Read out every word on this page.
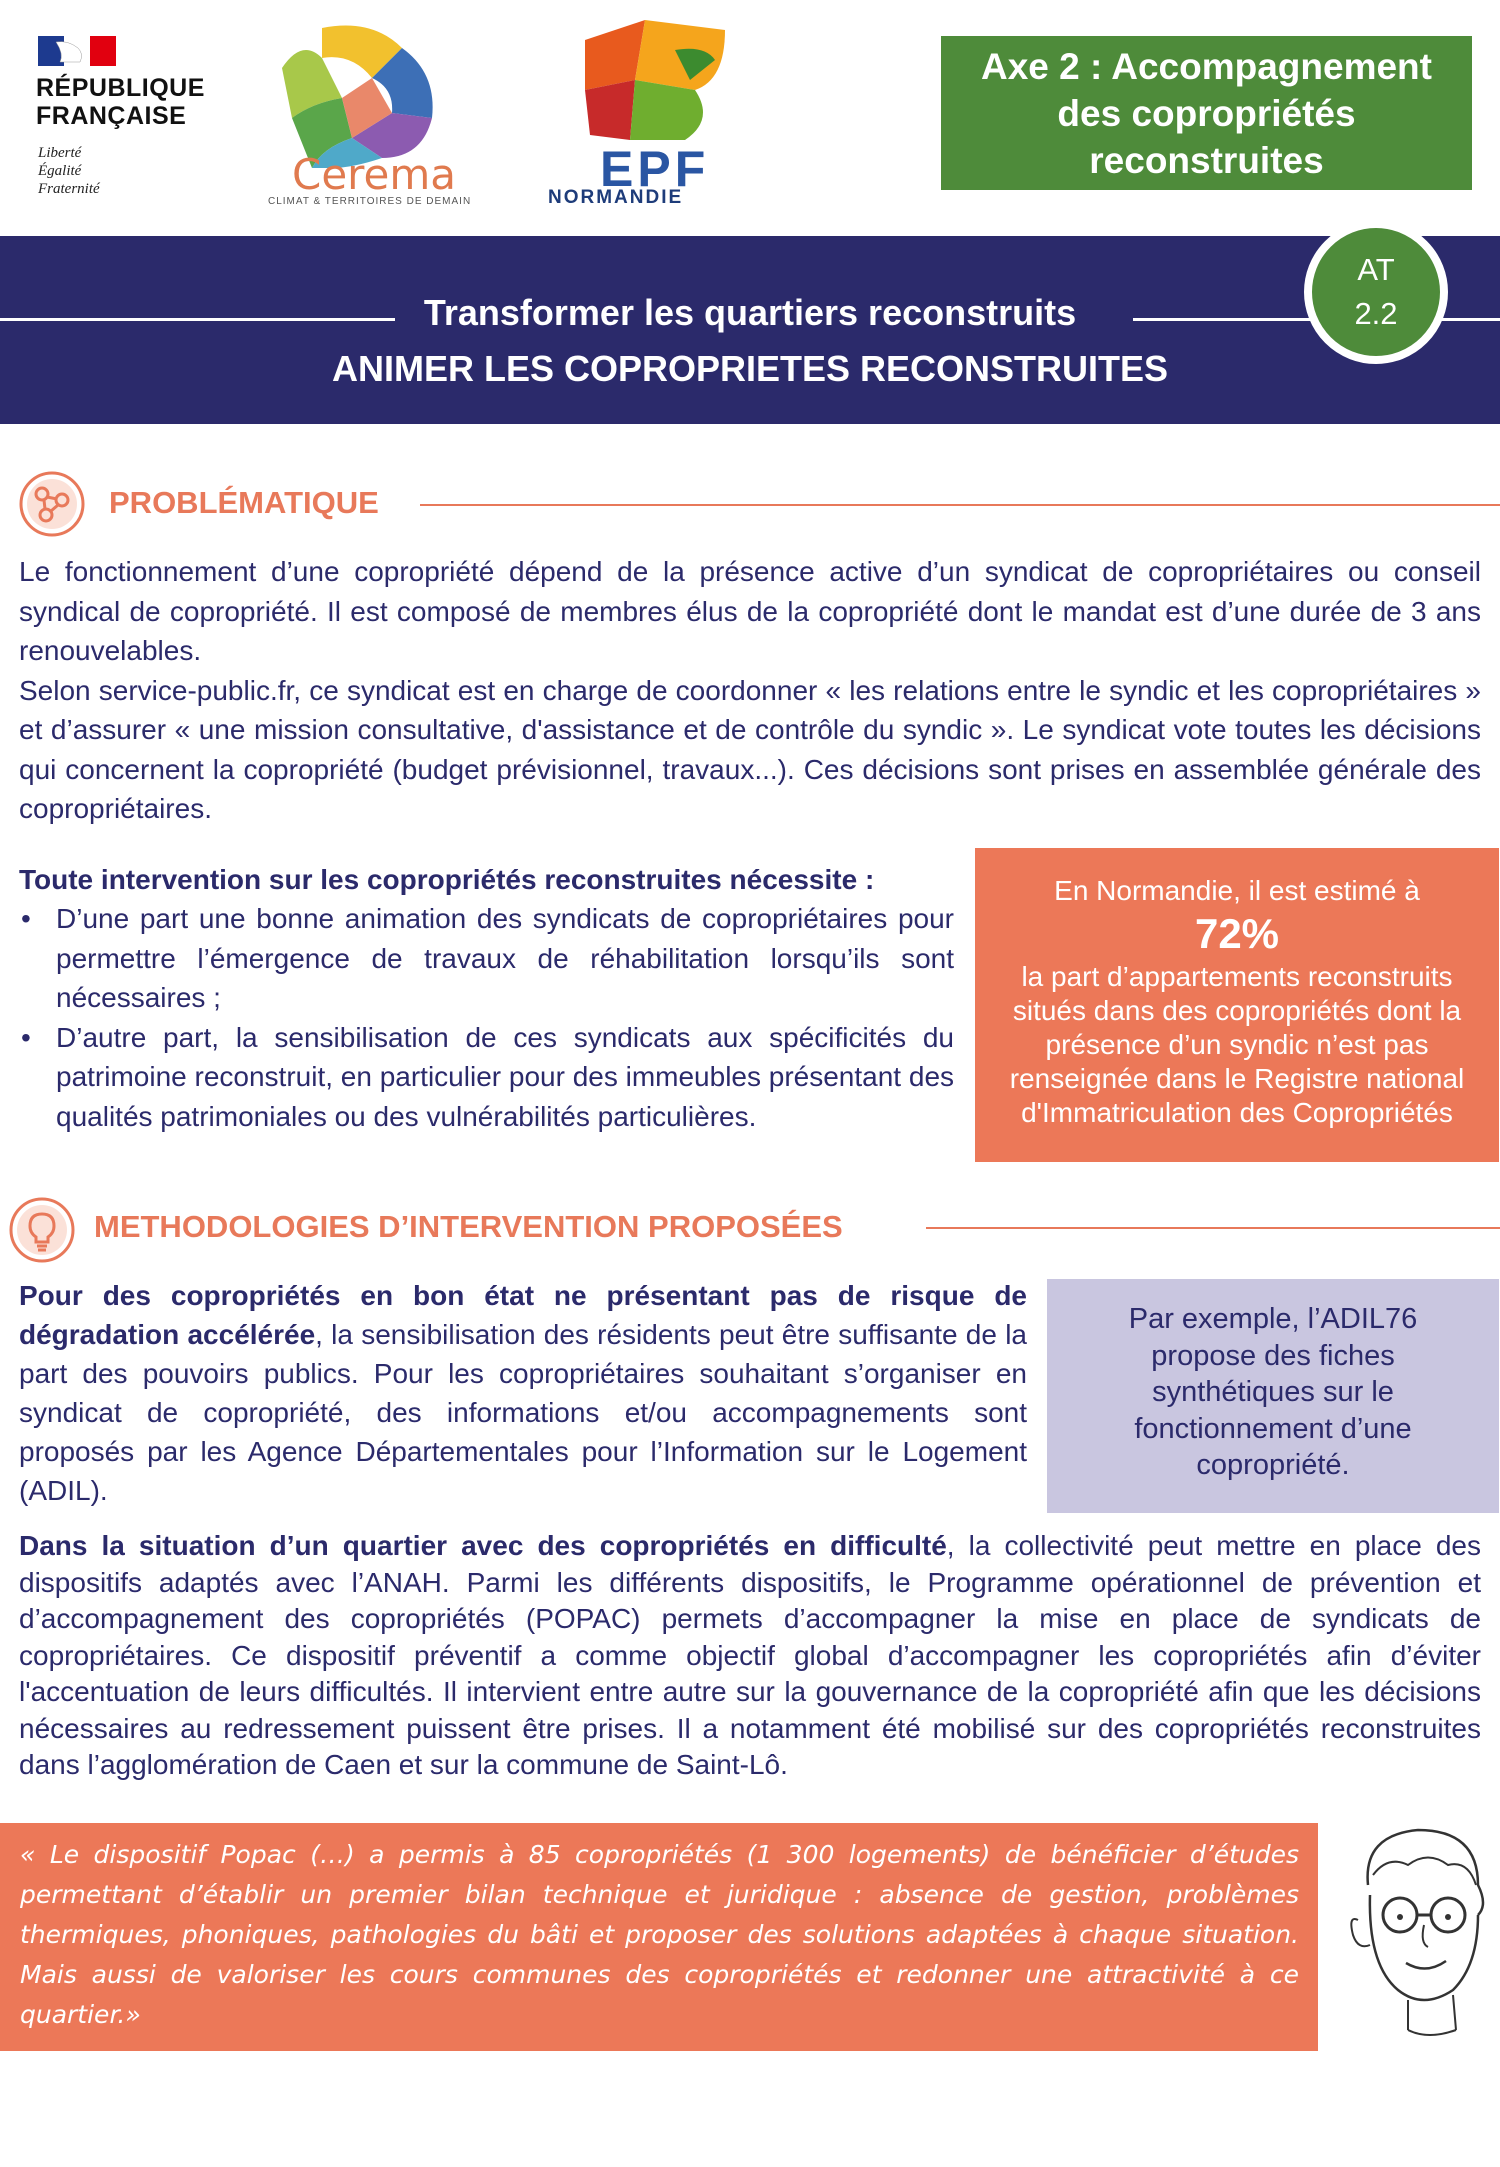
RÉPUBLIQUE
FRANÇAISE
Liberté
Égalité
Fraternité	Cerema
CLIMAT & TERRITOIRES DE DEMAIN
EPF
NORMANDIE
Axe 2 : Accompagnement
des copropriétés
reconstruites
Transformer les quartiers reconstruits
ANIMER LES COPROPRIETES RECONSTRUITES
AT
2.2
PROBLÉMATIQUE

Le fonctionnement d’une copropriété dépend de la présence active d’un syndicat de copropriétaires ou conseil syndical de copropriété. Il est composé de membres élus de la copropriété dont le mandat est d’une durée de 3 ans renouvelables.

Selon service-public.fr, ce syndicat est en charge de coordonner « les relations entre le syndic et les copropriétaires » et d’assurer « une mission consultative, d'assistance et de contrôle du syndic ». Le syndicat vote toutes les décisions qui concernent la copropriété (budget prévisionnel, travaux...). Ces décisions sont prises en assemblée générale des copropriétaires.

Toute intervention sur les copropriétés reconstruites nécessite :
• D’une part une bonne animation des syndicats de copropriétaires pour permettre l’émergence de travaux de réhabilitation lorsqu’ils sont nécessaires ;
• D’autre part, la sensibilisation de ces syndicats aux spécificités du patrimoine reconstruit, en particulier pour des immeubles présentant des qualités patrimoniales ou des vulnérabilités particulières.
En Normandie, il est estimé à
72%
la part d’appartements reconstruits situés dans des copropriétés dont la présence d’un syndic n’est pas renseignée dans le Registre national d'Immatriculation des Copropriétés
METHODOLOGIES D’INTERVENTION PROPOSÉES

Pour des copropriétés en bon état ne présentant pas de risque de dégradation accélérée, la sensibilisation des résidents peut être suffisante de la part des pouvoirs publics. Pour les copropriétaires souhaitant s’organiser en syndicat de copropriété, des informations et/ou accompagnements sont proposés par les Agence Départementales pour l’Information sur le Logement (ADIL).

Par exemple, l’ADIL76 propose des fiches synthétiques sur le fonctionnement d’une copropriété.

Dans la situation d’un quartier avec des copropriétés en difficulté, la collectivité peut mettre en place des dispositifs adaptés avec l’ANAH. Parmi les différents dispositifs, le Programme opérationnel de prévention et d’accompagnement des copropriétés (POPAC) permets d’accompagner la mise en place de syndicats de copropriétaires. Ce dispositif préventif a comme objectif global d’accompagner les copropriétés afin d’éviter l'accentuation de leurs difficultés. Il intervient entre autre sur la gouvernance de la copropriété afin que les décisions nécessaires au redressement puissent être prises. Il a notamment été mobilisé sur des copropriétés reconstruites dans l’agglomération de Caen et sur la commune de Saint-Lô.

« Le dispositif Popac (…) a permis à 85 copropriétés (1 300 logements) de bénéficier d’études permettant d’établir un premier bilan technique et juridique : absence de gestion, problèmes thermiques, phoniques, pathologies du bâti et proposer des solutions adaptées à chaque situation. Mais aussi de valoriser les cours communes des copropriétés et redonner une attractivité à ce quartier.»

Nicolas Joyau, adjoint au maire de Caen, dans Ouest France en février 2022
